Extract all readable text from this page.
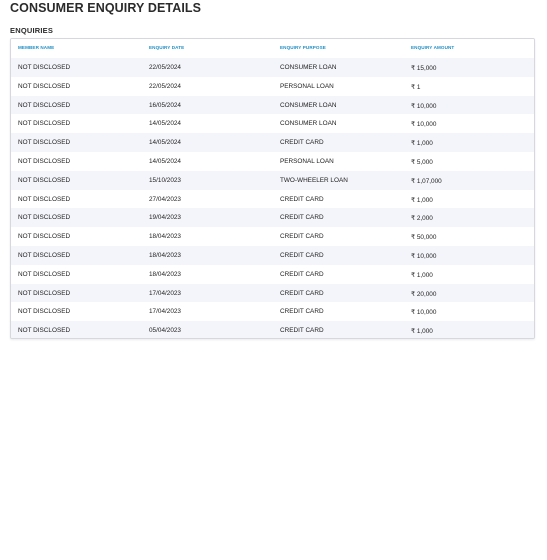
CONSUMER ENQUIRY DETAILS
ENQUIRIES
MEMBER NAME	ENQUIRY DATE	ENQUIRY PURPOSE	ENQUIRY AMOUNT
NOT DISCLOSED	22/05/2024	CONSUMER LOAN	₹ 15,000
NOT DISCLOSED	22/05/2024	PERSONAL LOAN	₹ 1
NOT DISCLOSED	16/05/2024	CONSUMER LOAN	₹ 10,000
NOT DISCLOSED	14/05/2024	CONSUMER LOAN	₹ 10,000
NOT DISCLOSED	14/05/2024	CREDIT CARD	₹ 1,000
NOT DISCLOSED	14/05/2024	PERSONAL LOAN	₹ 5,000
NOT DISCLOSED	15/10/2023	TWO-WHEELER LOAN	₹ 1,07,000
NOT DISCLOSED	27/04/2023	CREDIT CARD	₹ 1,000
NOT DISCLOSED	19/04/2023	CREDIT CARD	₹ 2,000
NOT DISCLOSED	18/04/2023	CREDIT CARD	₹ 50,000
NOT DISCLOSED	18/04/2023	CREDIT CARD	₹ 10,000
NOT DISCLOSED	18/04/2023	CREDIT CARD	₹ 1,000
NOT DISCLOSED	17/04/2023	CREDIT CARD	₹ 20,000
NOT DISCLOSED	17/04/2023	CREDIT CARD	₹ 10,000
NOT DISCLOSED	05/04/2023	CREDIT CARD	₹ 1,000
